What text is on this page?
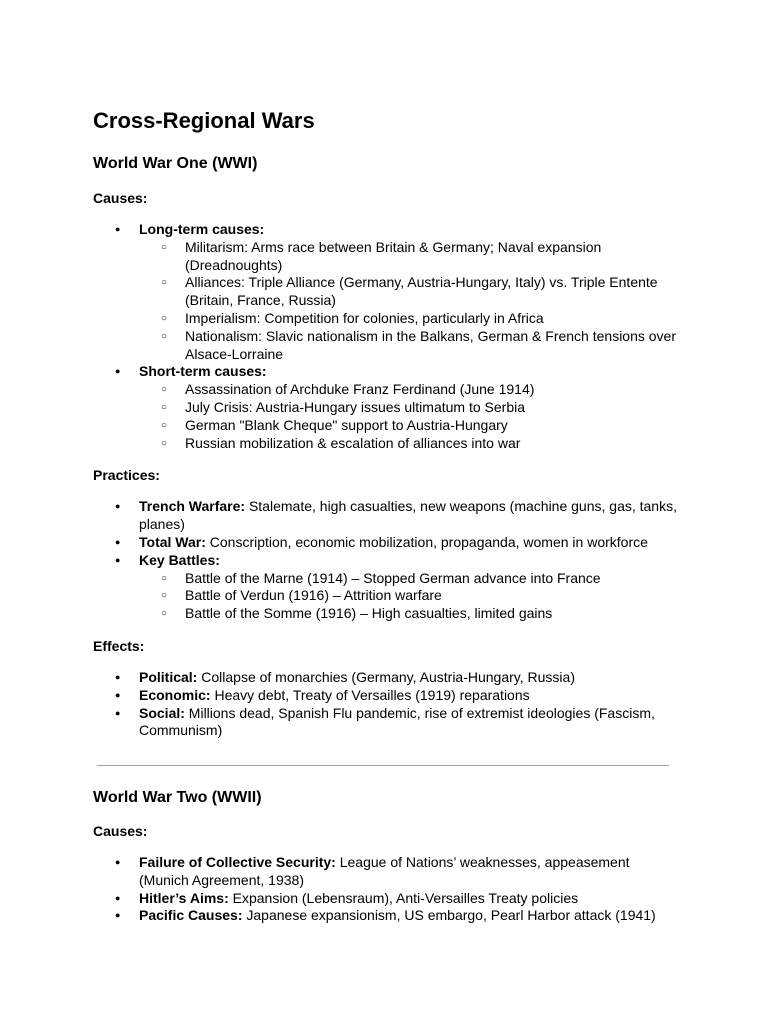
Cross-Regional Wars
World War One (WWI)

Causes:

● Long-term causes:
○ Militarism: Arms race between Britain & Germany; Naval expansion (Dreadnoughts)
○ Alliances: Triple Alliance (Germany, Austria-Hungary, Italy) vs. Triple Entente (Britain, France, Russia)
○ Imperialism: Competition for colonies, particularly in Africa
○ Nationalism: Slavic nationalism in the Balkans, German & French tensions over Alsace-Lorraine
● Short-term causes:
○ Assassination of Archduke Franz Ferdinand (June 1914)
○ July Crisis: Austria-Hungary issues ultimatum to Serbia
○ German "Blank Cheque" support to Austria-Hungary
○ Russian mobilization & escalation of alliances into war

Practices:

● Trench Warfare: Stalemate, high casualties, new weapons (machine guns, gas, tanks, planes)
● Total War: Conscription, economic mobilization, propaganda, women in workforce
● Key Battles:
○ Battle of the Marne (1914) – Stopped German advance into France
○ Battle of Verdun (1916) – Attrition warfare
○ Battle of the Somme (1916) – High casualties, limited gains

Effects:

● Political: Collapse of monarchies (Germany, Austria-Hungary, Russia)
● Economic: Heavy debt, Treaty of Versailles (1919) reparations
● Social: Millions dead, Spanish Flu pandemic, rise of extremist ideologies (Fascism, Communism)
World War Two (WWII)

Causes:

● Failure of Collective Security: League of Nations’ weaknesses, appeasement (Munich Agreement, 1938)
● Hitler’s Aims: Expansion (Lebensraum), Anti-Versailles Treaty policies
● Pacific Causes: Japanese expansionism, US embargo, Pearl Harbor attack (1941)
